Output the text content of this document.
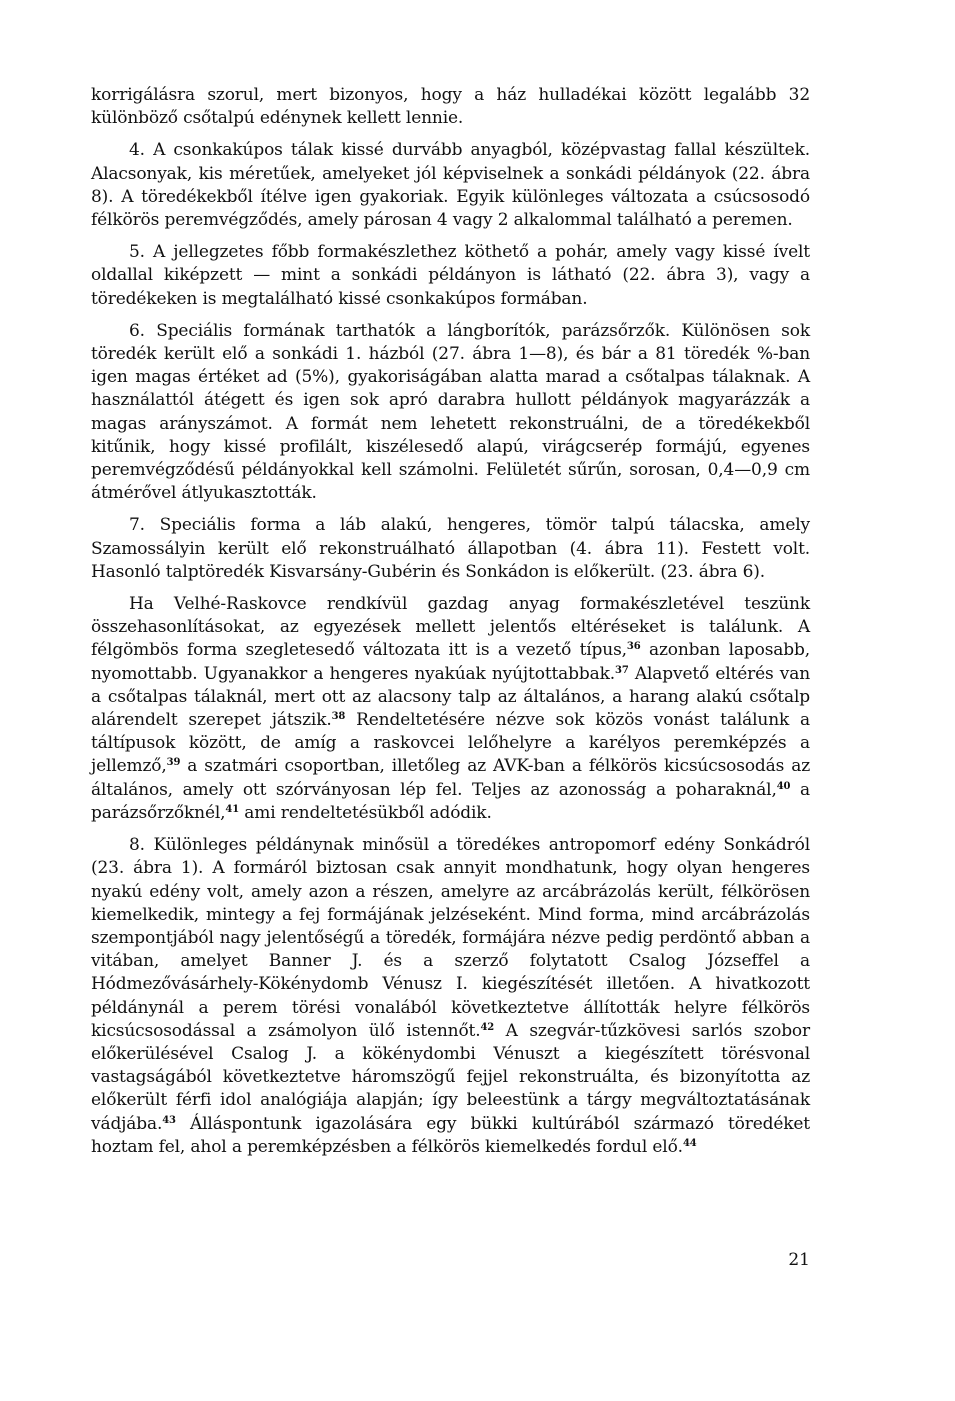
korrigálásra szorul, mert bizonyos, hogy a ház hulladékai között legalább 32 különböző csőtalpú edénynek kellett lennie.

4. A csonkakúpos tálak kissé durvább anyagból, középvastag fallal készültek. Alacsonyak, kis méretűek, amelyeket jól képviselnek a sonkádi példányok (22. ábra 8). A töredékekből ítélve igen gyakoriak. Egyik különleges változata a csúcsosodó félkörös peremvégződés, amely párosan 4 vagy 2 alkalommal található a peremen.

5. A jellegzetes főbb formakészlethez köthető a pohár, amely vagy kissé ívelt oldallal kiképzett — mint a sonkádi példányon is látható (22. ábra 3), vagy a töredékeken is megtalálható kissé csonkakúpos formában.

6. Speciális formának tarthatók a lángborítók, parázsőrzők. Különösen sok töredék került elő a sonkádi 1. házból (27. ábra 1—8), és bár a 81 töredék %-ban igen magas értéket ad (5%), gyakoriságában alatta marad a csőtalpas tálaknak. A használattól átégett és igen sok apró darabra hullott példányok magyarázzák a magas arányszámot. A formát nem lehetett rekonstruálni, de a töredékekből kitűnik, hogy kissé profilált, kiszélesedő alapú, virágcserép formájú, egyenes peremvégződésű példányokkal kell számolni. Felületét sűrűn, sorosan, 0,4—0,9 cm átmérővel átlyukasztották.

7. Speciális forma a láb alakú, hengeres, tömör talpú tálacska, amely Szamossályin került elő rekonstruálható állapotban (4. ábra 11). Festett volt. Hasonló talptöredék Kisvarsány-Gubérin és Sonkádon is előkerült. (23. ábra 6).

Ha Velhé-Raskovce rendkívül gazdag anyag formakészletével teszünk összehasonlításokat, az egyezések mellett jelentős eltéréseket is találunk. A félgömbös forma szegletesedő változata itt is a vezető típus,$^{36}$ azonban laposabb, nyomottabb. Ugyanakkor a hengeres nyakúak nyújtottabbak.$^{37}$ Alapvető eltérés van a csőtalpas tálaknál, mert ott az alacsony talp az általános, a harang alakú csőtalp alárendelt szerepet játszik.$^{38}$ Rendeltetésére nézve sok közös vonást találunk a táltípusok között, de amíg a raskovcei lelőhelyre a karélyos peremképzés a jellemző,$^{39}$ a szatmári csoportban, illetőleg az AVK-ban a félkörös kicsúcsosodás az általános, amely ott szórványosan lép fel. Teljes az azonosság a poharaknál,$^{40}$ a parázsőrzőknél,$^{41}$ ami rendeltetésükből adódik.

8. Különleges példánynak minősül a töredékes antropomorf edény Sonkádról (23. ábra 1). A formáról biztosan csak annyit mondhatunk, hogy olyan hengeres nyakú edény volt, amely azon a részen, amelyre az arcábrázolás került, félkörösen kiemelkedik, mintegy a fej formájának jelzéseként. Mind forma, mind arcábrázolás szempontjából nagy jelentőségű a töredék, formájára nézve pedig perdöntő abban a vitában, amelyet Banner J. és a szerző folytatott Csalog Józseffel a Hódmezővásárhely-Kökénydomb Vénusz I. kiegészítését illetően. A hivatkozott példánynál a perem törési vonalából következtetve állították helyre félkörös kicsúcsosodással a zsámolyon ülő istennőt.$^{42}$ A szegvár-tűzkövesi sarlós szobor előkerülésével Csalog J. a kökénydombi Vénuszt a kiegészített törésvonal vastagságából következtetve háromszögű fejjel rekonstruálta, és bizonyította az előkerült férfi idol analógiája alapján; így beleestünk a tárgy megváltoztatásának vádjába.$^{43}$ Álláspontunk igazolására egy bükki kultúrából származó töredéket hoztam fel, ahol a peremképzésben a félkörös kiemelkedés fordul elő.$^{44}$

21
